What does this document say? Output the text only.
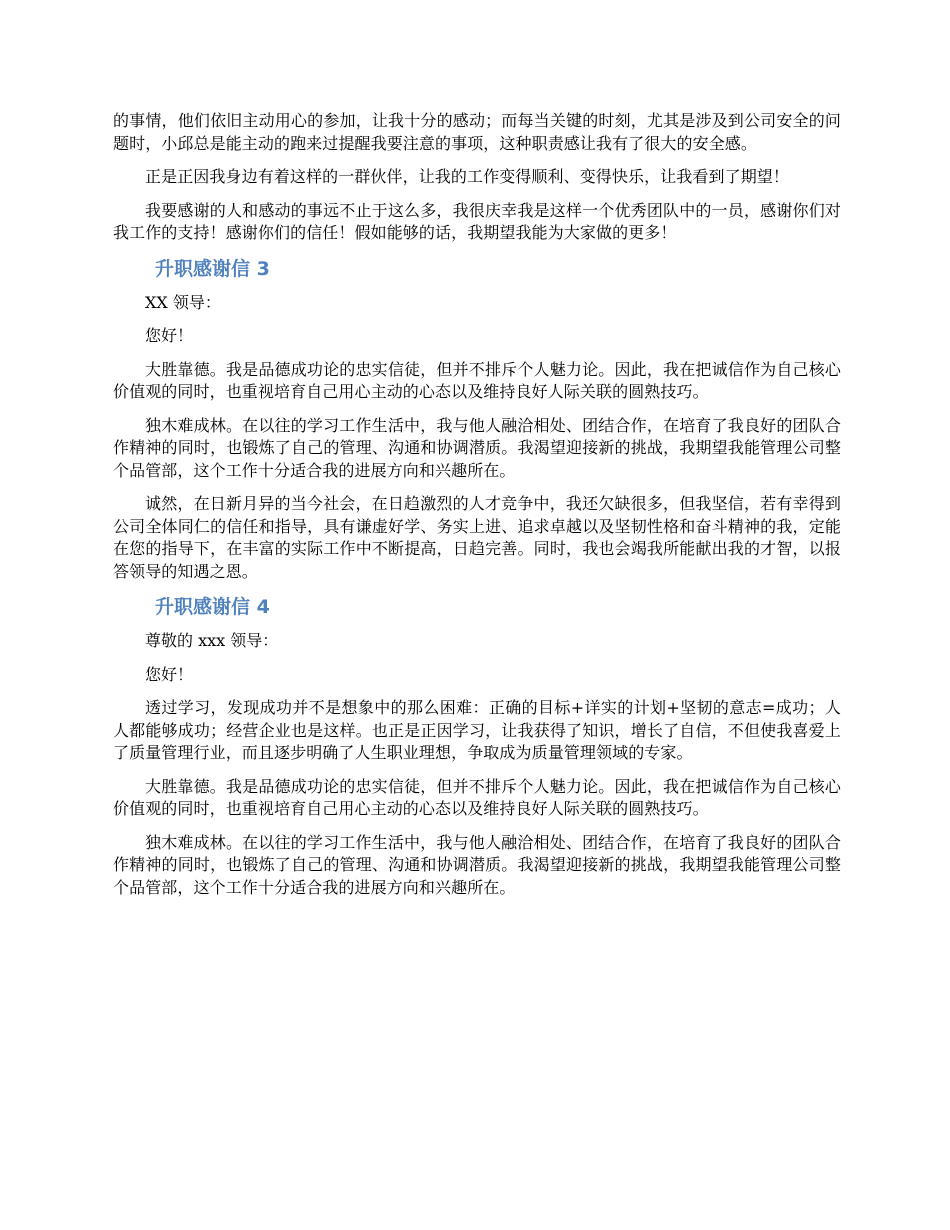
的事情，他们依旧主动用心的参加，让我十分的感动；而每当关键的时刻，尤其是涉及到公司安全的问题时，小邱总是能主动的跑来过提醒我要注意的事项，这种职责感让我有了很大的安全感。

正是正因我身边有着这样的一群伙伴，让我的工作变得顺利、变得快乐，让我看到了期望！

我要感谢的人和感动的事远不止于这么多，我很庆幸我是这样一个优秀团队中的一员，感谢你们对我工作的支持！感谢你们的信任！假如能够的话，我期望我能为大家做的更多！

升职感谢信 3

XX 领导：

您好！

大胜靠德。我是品德成功论的忠实信徒，但并不排斥个人魅力论。因此，我在把诚信作为自己核心价值观的同时，也重视培育自己用心主动的心态以及维持良好人际关联的圆熟技巧。

独木难成林。在以往的学习工作生活中，我与他人融洽相处、团结合作，在培育了我良好的团队合作精神的同时，也锻炼了自己的管理、沟通和协调潜质。我渴望迎接新的挑战，我期望我能管理公司整个品管部，这个工作十分适合我的进展方向和兴趣所在。

诚然，在日新月异的当今社会，在日趋激烈的人才竞争中，我还欠缺很多，但我坚信，若有幸得到公司全体同仁的信任和指导，具有谦虚好学、务实上进、追求卓越以及坚韧性格和奋斗精神的我，定能在您的指导下，在丰富的实际工作中不断提高，日趋完善。同时，我也会竭我所能献出我的才智，以报答领导的知遇之恩。

升职感谢信 4

尊敬的 xxx 领导：

您好！

透过学习，发现成功并不是想象中的那么困难：正确的目标+详实的计划+坚韧的意志=成功；人人都能够成功；经营企业也是这样。也正是正因学习，让我获得了知识，增长了自信，不但使我喜爱上了质量管理行业，而且逐步明确了人生职业理想，争取成为质量管理领域的专家。

大胜靠德。我是品德成功论的忠实信徒，但并不排斥个人魅力论。因此，我在把诚信作为自己核心价值观的同时，也重视培育自己用心主动的心态以及维持良好人际关联的圆熟技巧。

独木难成林。在以往的学习工作生活中，我与他人融洽相处、团结合作，在培育了我良好的团队合作精神的同时，也锻炼了自己的管理、沟通和协调潜质。我渴望迎接新的挑战，我期望我能管理公司整个品管部，这个工作十分适合我的进展方向和兴趣所在。
